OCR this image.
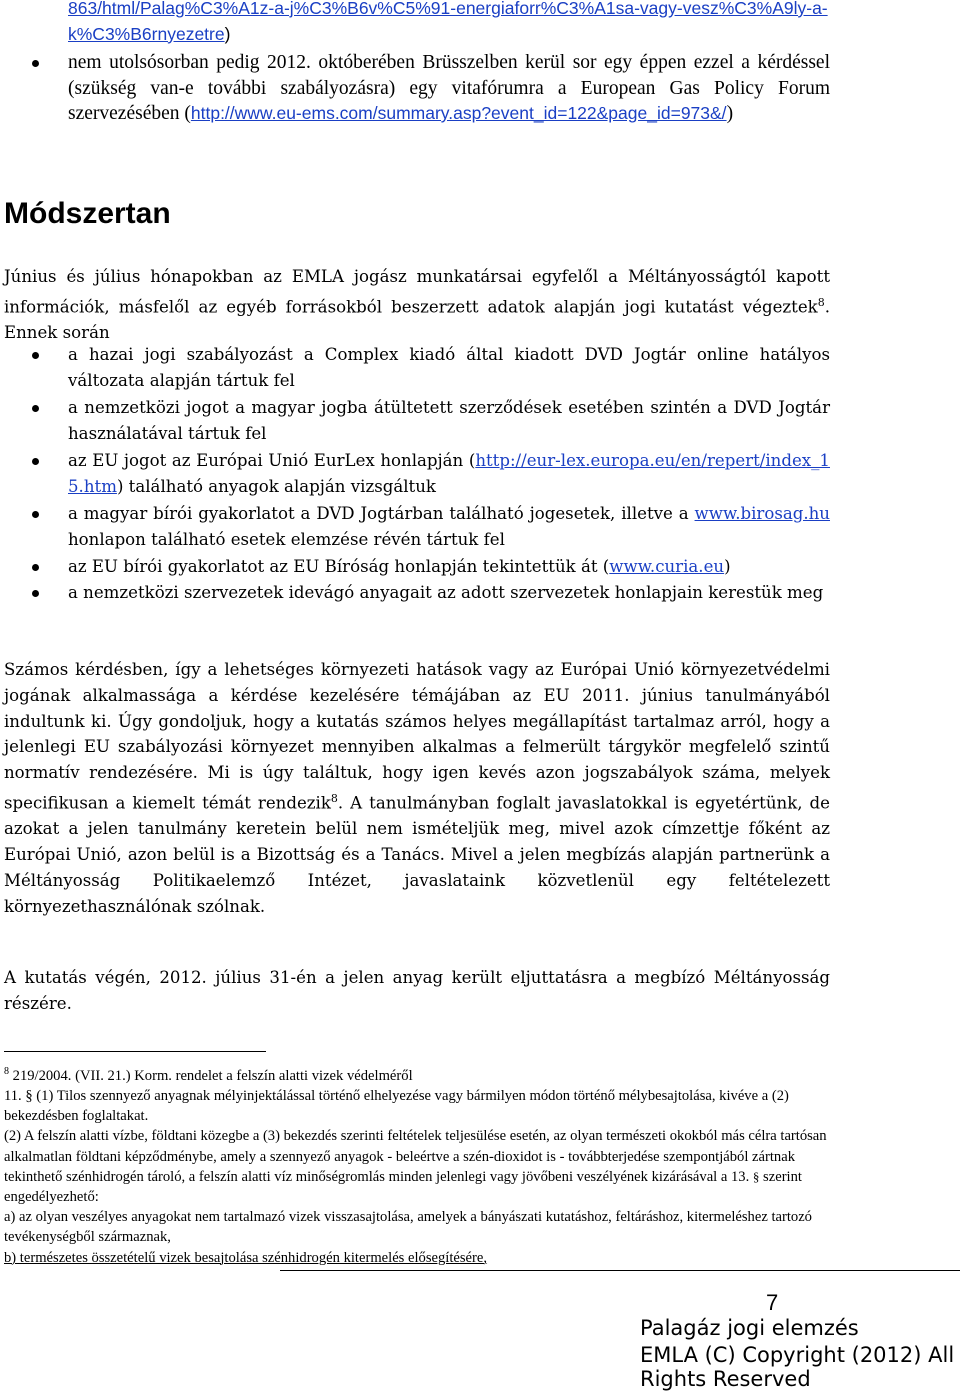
863/html/Palag%C3%A1z-a-j%C3%B6v%C5%91-energiaforr%C3%A1sa-vagy-vesz%C3%A9ly-a-k%C3%B6rnyezetre)
nem utolsósorban pedig 2012. októberében Brüsszelben kerül sor egy éppen ezzel a kérdéssel (szükség van-e további szabályozásra) egy vitafórumra a European Gas Policy Forum szervezésében (http://www.eu-ems.com/summary.asp?event_id=122&page_id=973&/)
Módszertan
Június és július hónapokban az EMLA jogász munkatársai egyfelől a Méltányosságtól kapott információk, másfelől az egyéb forrásokból beszerzett adatok alapján jogi kutatást végeztek$^8$. Ennek során
a hazai jogi szabályozást a Complex kiadó által kiadott DVD Jogtár online hatályos változata alapján tártuk fel
a nemzetközi jogot a magyar jogba átültetett szerződések esetében szintén a DVD Jogtár használatával tártuk fel
az EU jogot az Európai Unió EurLex honlapján (http://eur-lex.europa.eu/en/repert/index_15.htm) található anyagok alapján vizsgáltuk
a magyar bírói gyakorlatot a DVD Jogtárban található jogesetek, illetve a www.birosag.hu honlapon található esetek elemzése révén tártuk fel
az EU bírói gyakorlatot az EU Bíróság honlapján tekintettük át (www.curia.eu)
a nemzetközi szervezetek idevágó anyagait az adott szervezetek honlapjain kerestük meg
Számos kérdésben, így a lehetséges környezeti hatások vagy az Európai Unió környezetvédelmi jogának alkalmassága a kérdése kezelésére témájában az EU 2011. június tanulmányából indultunk ki. Úgy gondoljuk, hogy a kutatás számos helyes megállapítást tartalmaz arról, hogy a jelenlegi EU szabályozási környezet mennyiben alkalmas a felmerült tárgykör megfelelő szintű normatív rendezésére. Mi is úgy találtuk, hogy igen kevés azon jogszabályok száma, melyek specifikusan a kiemelt témát rendezik$^8$. A tanulmányban foglalt javaslatokkal is egyetértünk, de azokat a jelen tanulmány keretein belül nem ismételjük meg, mivel azok címzettje főként az Európai Unió, azon belül is a Bizottság és a Tanács. Mivel a jelen megbízás alapján partnerünk a Méltányosság Politikaelemző Intézet, javaslataink közvetlenül egy feltételezett környezethasználónak szólnak.
A kutatás végén, 2012. július 31-én a jelen anyag került eljuttatásra a megbízó Méltányosság részére.

$^8$ 219/2004. (VII. 21.) Korm. rendelet a felszín alatti vizek védelméről

11. § (1) Tilos szennyező anyagnak mélyinjektálással történő elhelyezése vagy bármilyen módon történő mélybesajtolása, kivéve a (2) bekezdésben foglaltakat.

(2) A felszín alatti vízbe, földtani közegbe a (3) bekezdés szerinti feltételek teljesülése esetén, az olyan természeti okokból más célra tartósan alkalmatlan földtani képződménybe, amely a szennyező anyagok - beleértve a szén-dioxidot is - továbbterjedése szempontjából zártnak tekinthető szénhidrogén tároló, a felszín alatti víz minőségromlás minden jelenlegi vagy jövőbeni veszélyének kizárásával a 13. § szerint engedélyezhető:

a) az olyan veszélyes anyagokat nem tartalmazó vizek visszasajtolása, amelyek a bányászati kutatáshoz, feltáráshoz, kitermeléshez tartozó tevékenységből származnak,

b) természetes összetételű vizek besajtolása szénhidrogén kitermelés elősegítésére,

7
Palagáz jogi elemzés
EMLA (C) Copyright (2012) All Rights Reserved
